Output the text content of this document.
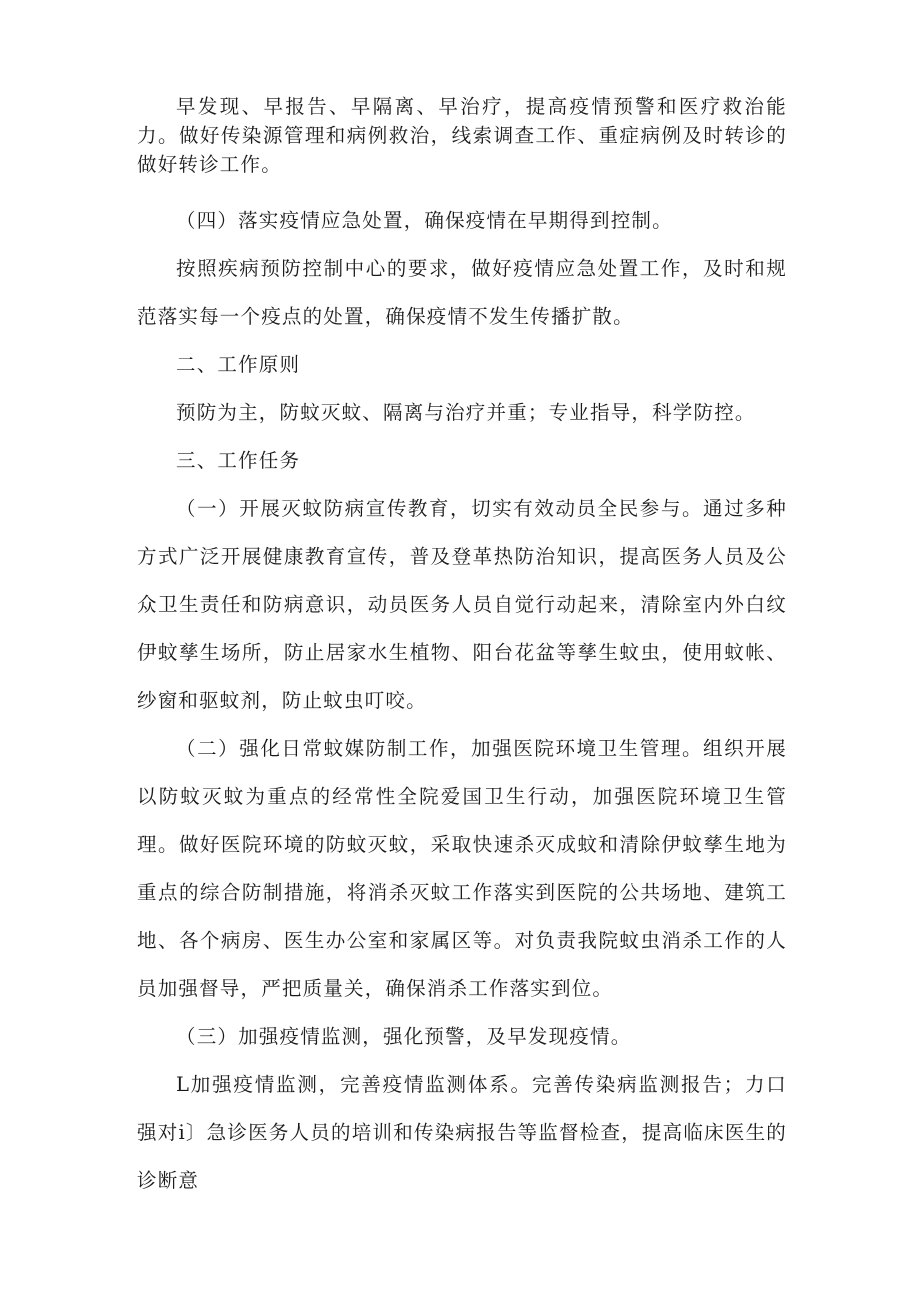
早发现、早报告、早隔离、早治疗，提高疫情预警和医疗救治能力。做好传染源管理和病例救治，线索调查工作、重症病例及时转诊的做好转诊工作。

（四）落实疫情应急处置，确保疫情在早期得到控制。

按照疾病预防控制中心的要求，做好疫情应急处置工作，及时和规范落实每一个疫点的处置，确保疫情不发生传播扩散。

二、工作原则

预防为主，防蚊灭蚊、隔离与治疗并重；专业指导，科学防控。

三、工作任务

（一）开展灭蚊防病宣传教育，切实有效动员全民参与。通过多种方式广泛开展健康教育宣传，普及登革热防治知识，提高医务人员及公众卫生责任和防病意识，动员医务人员自觉行动起来，清除室内外白纹伊蚊孳生场所，防止居家水生植物、阳台花盆等孳生蚊虫，使用蚊帐、纱窗和驱蚊剂，防止蚊虫叮咬。

（二）强化日常蚊媒防制工作，加强医院环境卫生管理。组织开展以防蚊灭蚊为重点的经常性全院爱国卫生行动，加强医院环境卫生管理。做好医院环境的防蚊灭蚊，采取快速杀灭成蚊和清除伊蚊孳生地为重点的综合防制措施，将消杀灭蚊工作落实到医院的公共场地、建筑工地、各个病房、医生办公室和家属区等。对负责我院蚊虫消杀工作的人员加强督导，严把质量关，确保消杀工作落实到位。

（三）加强疫情监测，强化预警，及早发现疫情。

L加强疫情监测，完善疫情监测体系。完善传染病监测报告；力口强对i〕急诊医务人员的培训和传染病报告等监督检查，提高临床医生的诊断意
